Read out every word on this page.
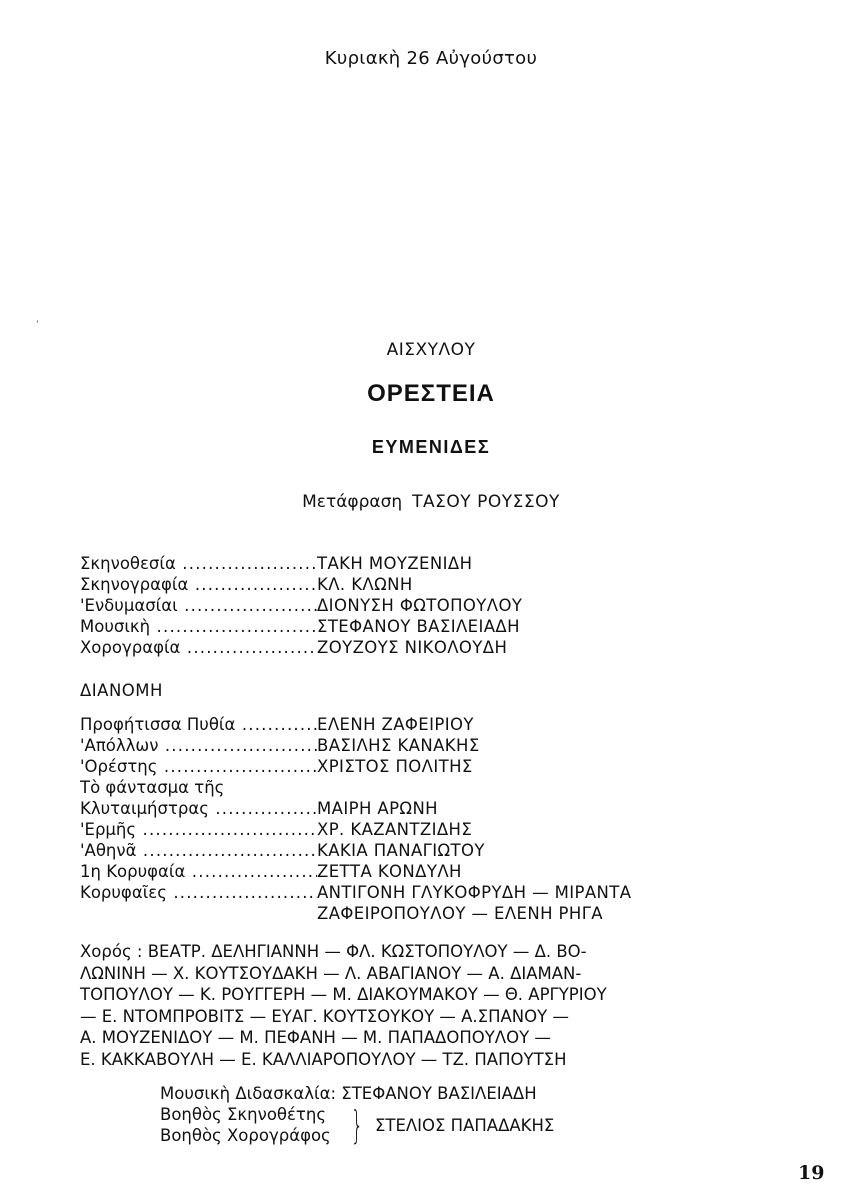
‘
Κυριακὴ 26 Αὐγούστου
ΑΙΣΧΥΛΟΥ
ΟΡΕΣΤΕΙΑ
ΕΥΜΕΝΙΔΕΣ
Μετάφραση ΤΑΣΟΥ ΡΟΥΣΣΟΥ
Σκηνοθεσία .....	ΤΑΚΗ ΜΟΥΖΕΝΙΔΗ
Σκηνογραφία .....	ΚΛ. ΚΛΩΝΗ
'Ενδυμασίαι .....	ΔΙΟΝΥΣΗ ΦΩΤΟΠΟΥΛΟΥ
Μουσικὴ .....	ΣΤΕΦΑΝΟΥ ΒΑΣΙΛΕΙΑΔΗ
Χορογραφία .....	ΖΟΥΖΟΥΣ ΝΙΚΟΛΟΥΔΗ
ΔΙΑΝΟΜΗ
Προφήτισσα Πυθία .....	ΕΛΕΝΗ ΖΑΦΕΙΡΙΟΥ
'Απόλλων .....	ΒΑΣΙΛΗΣ ΚΑΝΑΚΗΣ
'Ορέστης .....	ΧΡΙΣΤΟΣ ΠΟΛΙΤΗΣ
Τὸ φάντασμα τῆς
Κλυταιμήστρας .....	ΜΑΙΡΗ ΑΡΩΝΗ
'Ερμῆς .....	ΧΡ. ΚΑΖΑΝΤΖΙΔΗΣ
'Αθηνᾶ .....	ΚΑΚΙΑ ΠΑΝΑΓΙΩΤΟΥ
1η Κορυφαία .....	ΖΕΤΤΑ ΚΟΝΔΥΛΗ
Κορυφαῖες .....	ΑΝΤΙΓΟΝΗ ΓΛΥΚΟΦΡΥΔΗ — ΜΙΡΑΝΤΑ
ΖΑΦΕΙΡΟΠΟΥΛΟΥ — ΕΛΕΝΗ ΡΗΓΑ
Χορός : ΒΕΑΤΡ. ΔΕΛΗΓΙΑΝΝΗ — ΦΛ. ΚΩΣΤΟΠΟΥΛΟΥ — Δ. ΒΟ-
ΛΩΝΙΝΗ — Χ. ΚΟΥΤΣΟΥΔΑΚΗ — Λ. ΑΒΑΓΙΑΝΟΥ — Α. ΔΙΑΜΑΝ-
ΤΟΠΟΥΛΟΥ — Κ. ΡΟΥΓΓΕΡΗ — Μ. ΔΙΑΚΟΥΜΑΚΟΥ — Θ. ΑΡΓΥΡΙΟΥ
— Ε. ΝΤΟΜΠΡΟΒΙΤΣ — ΕΥΑΓ. ΚΟΥΤΣΟΥΚΟΥ — Α.ΣΠΑΝΟΥ —
Α. ΜΟΥΖΕΝΙΔΟΥ — Μ. ΠΕΦΑΝΗ — Μ. ΠΑΠΑΔΟΠΟΥΛΟΥ —
Ε. ΚΑΚΚΑΒΟΥΛΗ — Ε. ΚΑΛΛΙΑΡΟΠΟΥΛΟΥ — ΤΖ. ΠΑΠΟΥΤΣΗ
Μουσικὴ Διδασκαλία: ΣΤΕΦΑΝΟΥ ΒΑΣΙΛΕΙΑΔΗ
Βοηθὸς Σκηνοθέτης
Βοηθὸς Χορογράφος } ΣΤΕΛΙΟΣ ΠΑΠΑΔΑΚΗΣ
19
